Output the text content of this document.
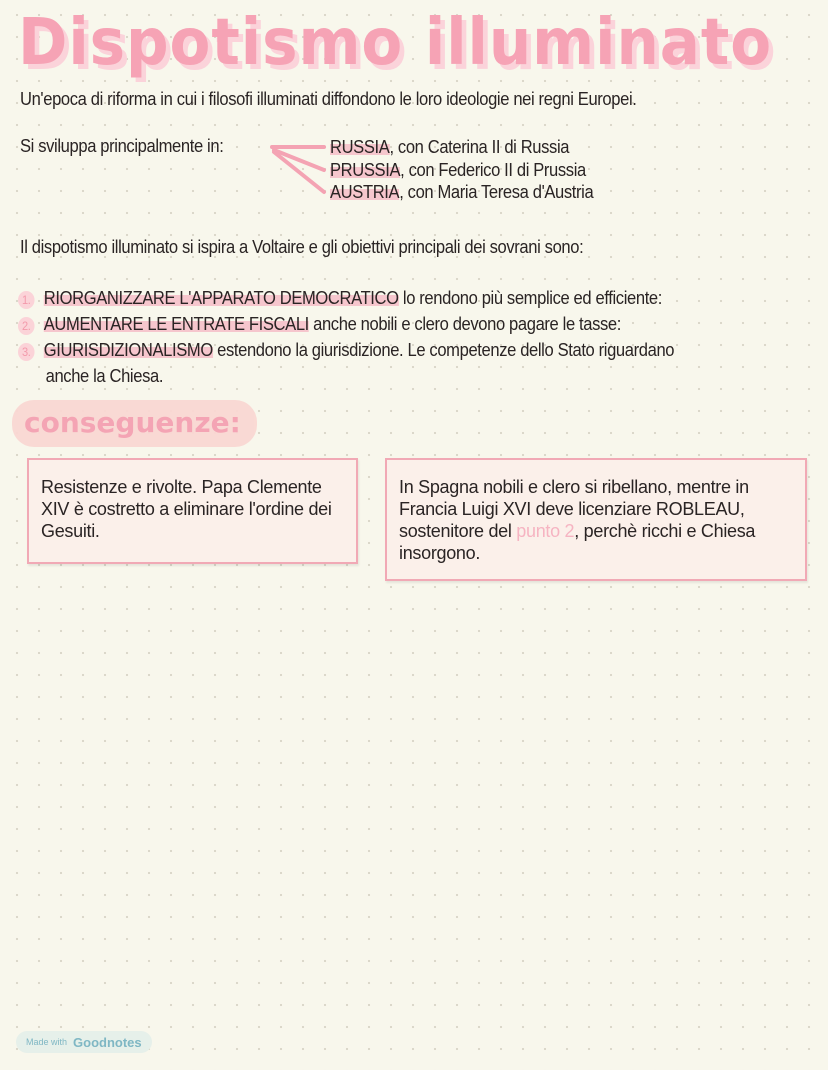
Dispotismo illuminato
Un'epoca di riforma in cui i filosofi illuminati diffondono le loro ideologie nei regni Europei.
Si sviluppa principalmente in:	RUSSIA, con Caterina II di Russia
PRUSSIA, con Federico II di Prussia
AUSTRIA, con Maria Teresa d'Austria
Il dispotismo illuminato si ispira a Voltaire e gli obiettivi principali dei sovrani sono:
1. RIORGANIZZARE L'APPARATO DEMOCRATICO lo rendono più semplice ed efficiente:
2. AUMENTARE LE ENTRATE FISCALI anche nobili e clero devono pagare le tasse:
3. GIURISDIZIONALISMO estendono la giurisdizione. Le competenze dello Stato riguardano
anche la Chiesa.
conseguenze:

Resistenze e rivolte. Papa Clemente XIV è costretto a eliminare l'ordine dei Gesuiti.

In Spagna nobili e clero si ribellano, mentre in Francia Luigi XVI deve licenziare ROBLEAU, sostenitore del punto 2, perchè ricchi e Chiesa insorgono.

Made with Goodnotes
